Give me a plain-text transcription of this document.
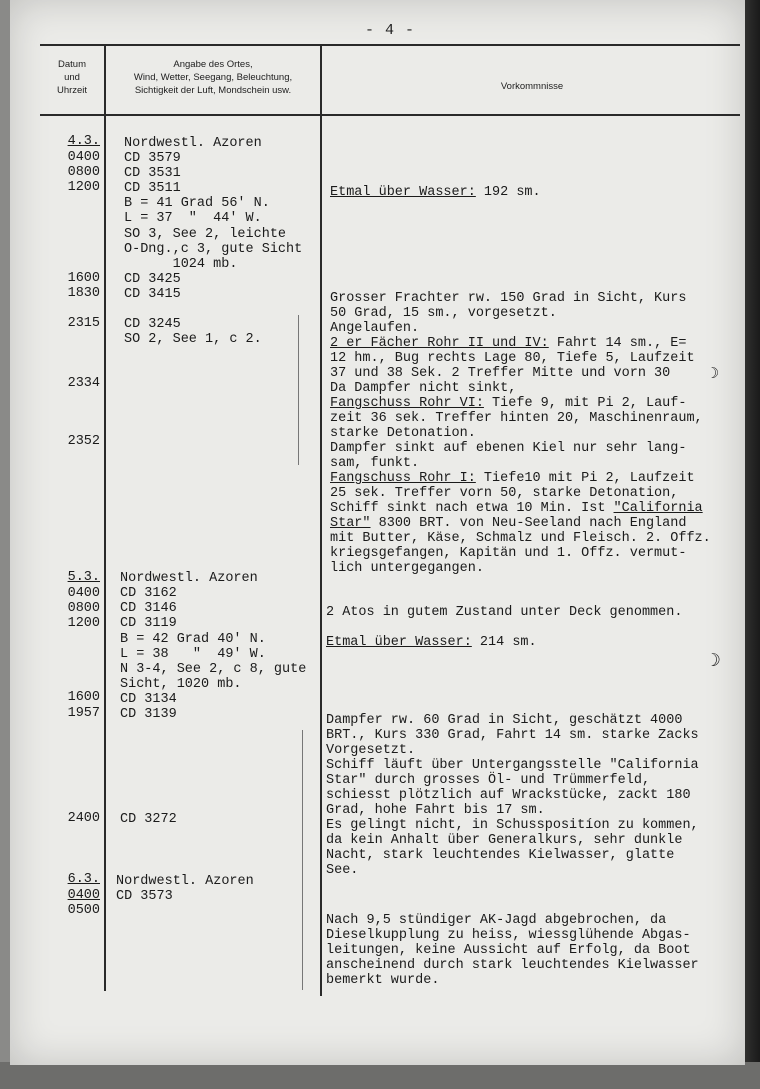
- 4 -
Datum
und
Uhrzeit
Angabe des Ortes,
Wind, Wetter, Seegang, Beleuchtung,
Sichtigkeit der Luft, Mondschein usw.	Vorkommnisse
4.3. Nordwestl. Azoren
0400 CD 3579
0800 CD 3531
1200 CD 3511
B = 41 Grad 56' N.
L = 37  "  44' W.
SO 3, See 2, leichte
O-Dng.,c 3, gute Sicht
1024 mb.
1600 CD 3425
1830 CD 3415
2315 CD 3245
SO 2, See 1, c 2.
2334
2352
Etmal über Wasser: 192 sm.
Grosser Frachter rw. 150 Grad in Sicht, Kurs
50 Grad, 15 sm., vorgesetzt.
Angelaufen.
2 er Fächer Rohr II und IV: Fahrt 14 sm., E=
12 hm., Bug rechts Lage 80, Tiefe 5, Laufzeit
37 und 38 Sek. 2 Treffer Mitte und vorn 30
Da Dampfer nicht sinkt,
Fangschuss Rohr VI: Tiefe 9, mit Pi 2, Lauf-
zeit 36 sek. Treffer hinten 20, Maschinenraum,
starke Detonation.
Dampfer sinkt auf ebenen Kiel nur sehr lang-
sam, funkt.
Fangschuss Rohr I: Tiefe10 mit Pi 2, Laufzeit
25 sek. Treffer vorn 50, starke Detonation,
Schiff sinkt nach etwa 10 Min. Ist "California
Star" 8300 BRT. von Neu-Seeland nach England
mit Butter, Käse, Schmalz und Fleisch. 2. Offz.
kriegsgefangen, Kapitän und 1. Offz. vermut-
lich untergegangen.
5.3. Nordwestl. Azoren
0400 CD 3162
0800 CD 3146
1200 CD 3119
B = 42 Grad 40' N.
L = 38   "  49' W.
N 3-4, See 2, c 8, gute
Sicht, 1020 mb.
1600 CD 3134
1957 CD 3139
2400 CD 3272
2 Atos in gutem Zustand unter Deck genommen.
Etmal über Wasser: 214 sm.
☽
☽
Dampfer rw. 60 Grad in Sicht, geschätzt 4000
BRT., Kurs 330 Grad, Fahrt 14 sm. starke Zacks
Vorgesetzt.
Schiff läuft über Untergangsstelle "California
Star" durch grosses Öl- und Trümmerfeld,
schiesst plötzlich auf Wrackstücke, zackt 180
Grad, hohe Fahrt bis 17 sm.
Es gelingt nicht, in Schusspositíon zu kommen,
da kein Anhalt über Generalkurs, sehr dunkle
Nacht, stark leuchtendes Kielwasser, glatte
See.
6.3. Nordwestl. Azoren
0400 CD 3573
0500
Nach 9,5 stündiger AK-Jagd abgebrochen, da
Dieselkupplung zu heiss, wiessglühende Abgas-
leitungen, keine Aussicht auf Erfolg, da Boot
anscheinend durch stark leuchtendes Kielwasser
bemerkt wurde.
